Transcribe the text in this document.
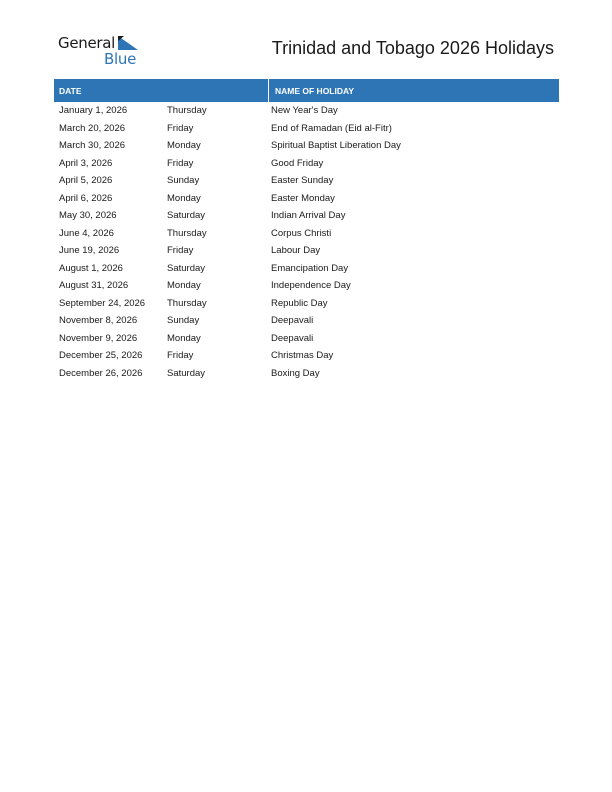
General
Blue
Trinidad and Tobago 2026 Holidays
DATE	NAME OF HOLIDAY
January 1, 2026	Thursday	New Year's Day
March 20, 2026	Friday	End of Ramadan (Eid al-Fitr)
March 30, 2026	Monday	Spiritual Baptist Liberation Day
April 3, 2026	Friday	Good Friday
April 5, 2026	Sunday	Easter Sunday
April 6, 2026	Monday	Easter Monday
May 30, 2026	Saturday	Indian Arrival Day
June 4, 2026	Thursday	Corpus Christi
June 19, 2026	Friday	Labour Day
August 1, 2026	Saturday	Emancipation Day
August 31, 2026	Monday	Independence Day
September 24, 2026	Thursday	Republic Day
November 8, 2026	Sunday	Deepavali
November 9, 2026	Monday	Deepavali
December 25, 2026	Friday	Christmas Day
December 26, 2026	Saturday	Boxing Day
